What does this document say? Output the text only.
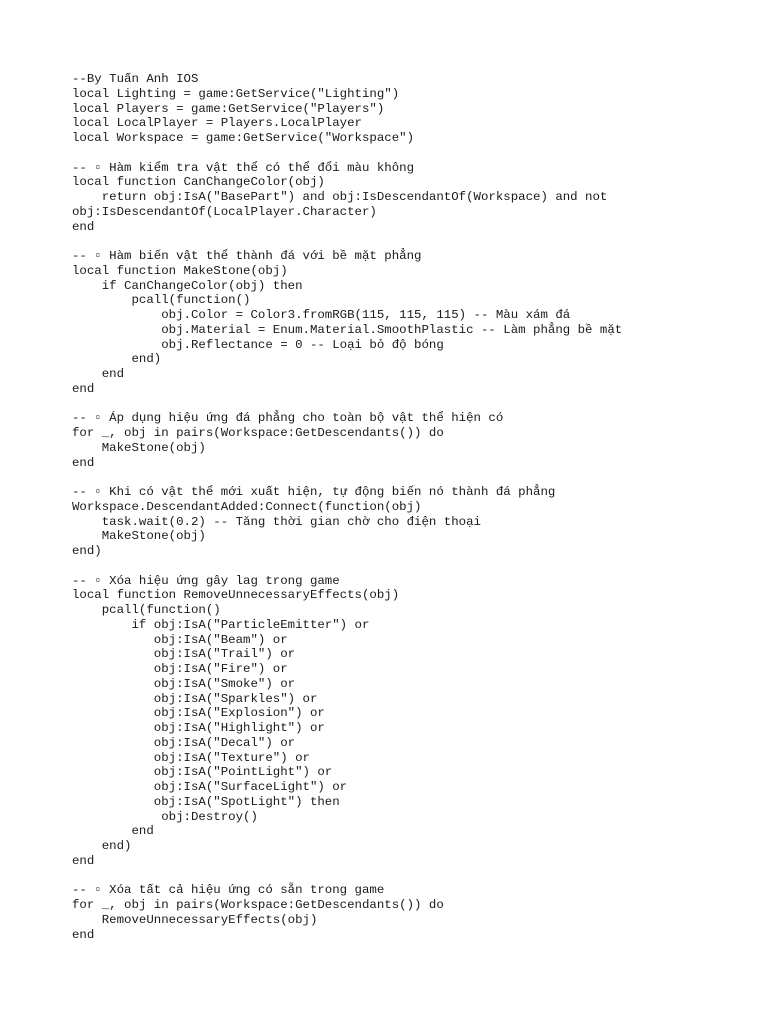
--By Tuấn Anh IOS
local Lighting = game:GetService("Lighting")
local Players = game:GetService("Players")
local LocalPlayer = Players.LocalPlayer
local Workspace = game:GetService("Workspace")
-- ▫ Hàm kiểm tra vật thể có thể đổi màu không
local function CanChangeColor(obj)
return obj:IsA("BasePart") and obj:IsDescendantOf(Workspace) and not
obj:IsDescendantOf(LocalPlayer.Character)
end
-- ▫ Hàm biến vật thể thành đá với bề mặt phẳng
local function MakeStone(obj)
if CanChangeColor(obj) then
pcall(function()
obj.Color = Color3.fromRGB(115, 115, 115) -- Màu xám đá
obj.Material = Enum.Material.SmoothPlastic -- Làm phẳng bề mặt
obj.Reflectance = 0 -- Loại bỏ độ bóng
end)
end
end
-- ▫ Áp dụng hiệu ứng đá phẳng cho toàn bộ vật thể hiện có
for _, obj in pairs(Workspace:GetDescendants()) do
MakeStone(obj)
end
-- ▫ Khi có vật thể mới xuất hiện, tự động biến nó thành đá phẳng
Workspace.DescendantAdded:Connect(function(obj)
task.wait(0.2) -- Tăng thời gian chờ cho điện thoại
MakeStone(obj)
end)
-- ▫ Xóa hiệu ứng gây lag trong game
local function RemoveUnnecessaryEffects(obj)
pcall(function()
if obj:IsA("ParticleEmitter") or
obj:IsA("Beam") or
obj:IsA("Trail") or
obj:IsA("Fire") or
obj:IsA("Smoke") or
obj:IsA("Sparkles") or
obj:IsA("Explosion") or
obj:IsA("Highlight") or
obj:IsA("Decal") or
obj:IsA("Texture") or
obj:IsA("PointLight") or
obj:IsA("SurfaceLight") or
obj:IsA("SpotLight") then
obj:Destroy()
end
end)
end
-- ▫ Xóa tất cả hiệu ứng có sẵn trong game
for _, obj in pairs(Workspace:GetDescendants()) do
RemoveUnnecessaryEffects(obj)
end
